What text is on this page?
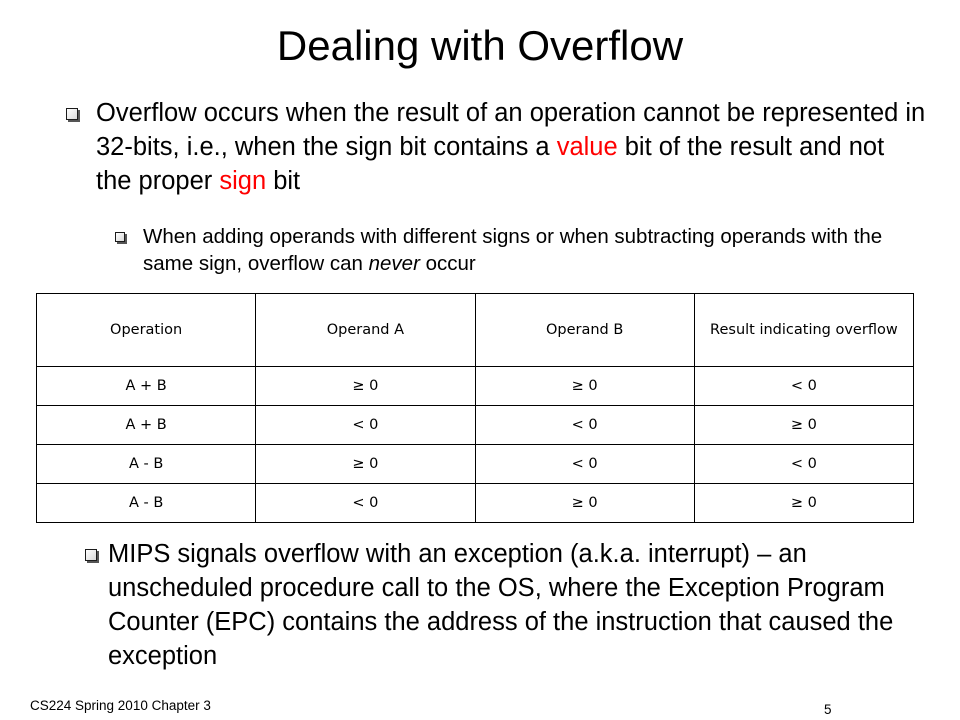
Dealing with Overflow
Overflow occurs when the result of an operation cannot be represented in 32-bits, i.e., when the sign bit contains a value bit of the result and not the proper sign bit
When adding operands with different signs or when subtracting operands with the same sign, overflow can never occur
Operation	Operand A	Operand B	Result indicating overflow
A + B	≥ 0	≥ 0	< 0
A + B	< 0	< 0	≥ 0
A - B	≥ 0	< 0	< 0
A - B	< 0	≥ 0	≥ 0
MIPS signals overflow with an exception (a.k.a. interrupt) – an unscheduled procedure call to the OS, where the Exception Program Counter (EPC) contains the address of the instruction that caused the exception
CS224 Spring 2010 Chapter 3	5
